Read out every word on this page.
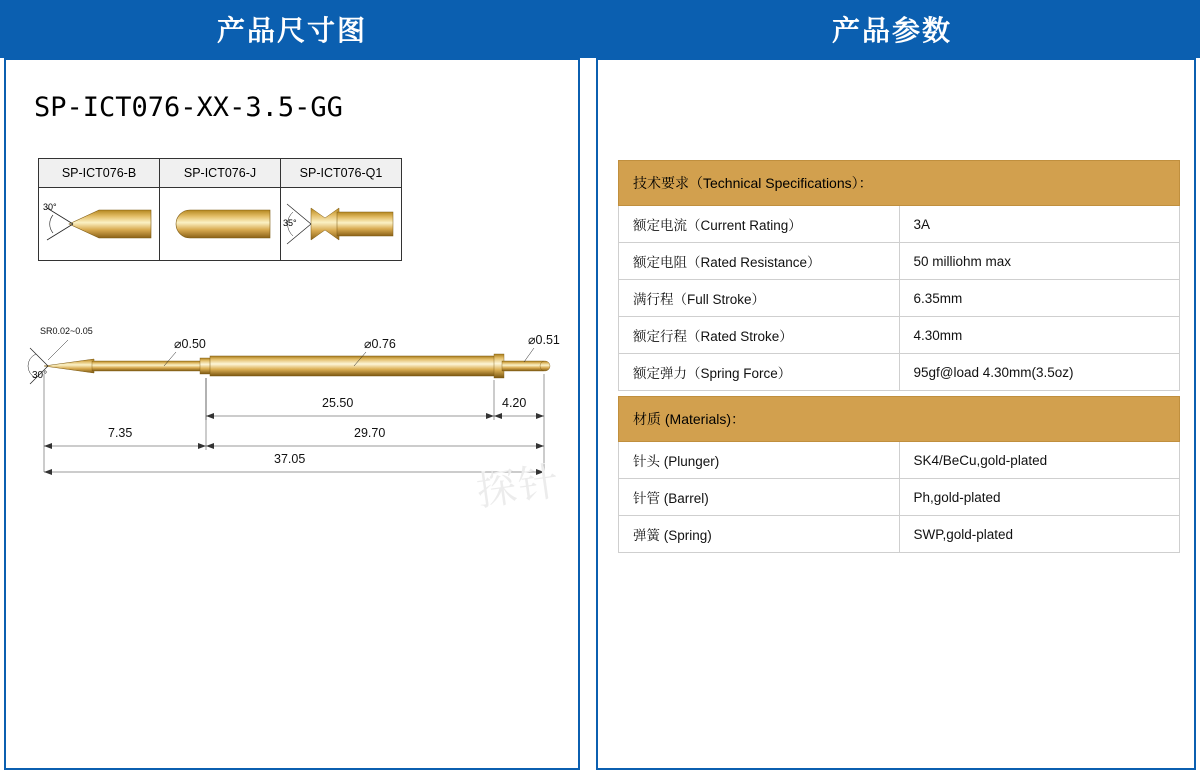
产品尺寸图	产品参数
SP-ICT076-XX-3.5-GG
SP-ICT076-B	SP-ICT076-J	SP-ICT076-Q1

30°		35°
SR0.02~0.05
30°
⌀0.50	⌀0.76	⌀0.51
25.50	4.20
7.35	29.70
37.05	探针
技术要求（Technical Specifications）：	
额定电流（Current Rating）	3A
额定电阻（Rated Resistance）	50 milliohm max
满行程（Full Stroke）	6.35mm
额定行程（Rated Stroke）	4.30mm
额定弹力（Spring Force）	95gf@load 4.30mm(3.5oz)
材质 (Materials)：	
针头 (Plunger)	SK4/BeCu,gold-plated
针管 (Barrel)	Ph,gold-plated
弹簧 (Spring)	SWP,gold-plated
